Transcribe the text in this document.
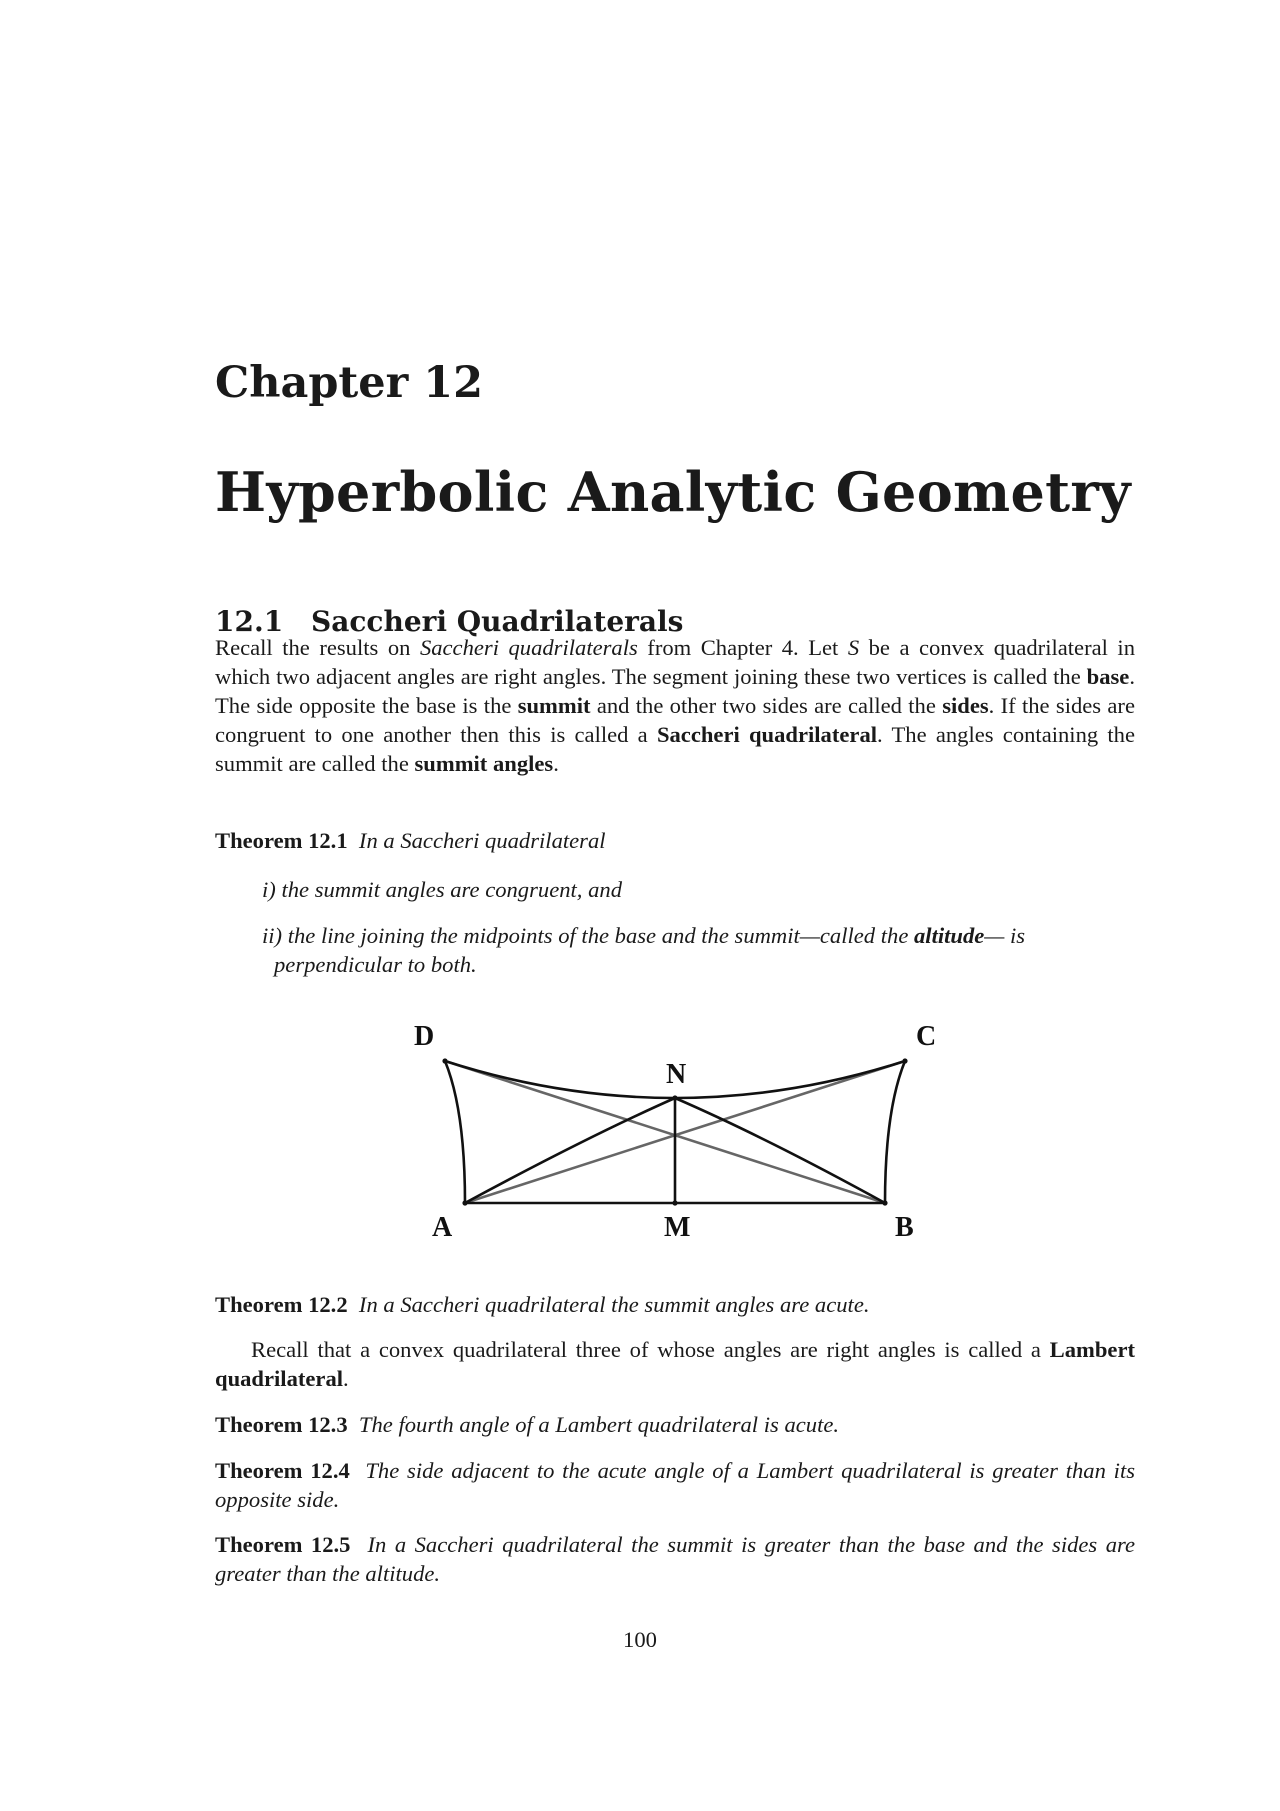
Chapter 12
Hyperbolic Analytic Geometry
12.1 Saccheri Quadrilaterals

Recall the results on Saccheri quadrilaterals from Chapter 4. Let S be a convex quadrilateral in which two adjacent angles are right angles. The segment joining these two vertices is called the base. The side opposite the base is the summit and the other two sides are called the sides. If the sides are congruent to one another then this is called a Saccheri quadrilateral. The angles containing the summit are called the summit angles.

Theorem 12.1 In a Saccheri quadrilateral

i) the summit angles are congruent, and

ii) the line joining the midpoints of the base and the summit—called the altitude— is perpendicular to both.

D	C
N
A	M	B

Theorem 12.2 In a Saccheri quadrilateral the summit angles are acute.

Recall that a convex quadrilateral three of whose angles are right angles is called a Lambert quadrilateral.

Theorem 12.3 The fourth angle of a Lambert quadrilateral is acute.

Theorem 12.4 The side adjacent to the acute angle of a Lambert quadrilateral is greater than its opposite side.

Theorem 12.5 In a Saccheri quadrilateral the summit is greater than the base and the sides are greater than the altitude.

100
